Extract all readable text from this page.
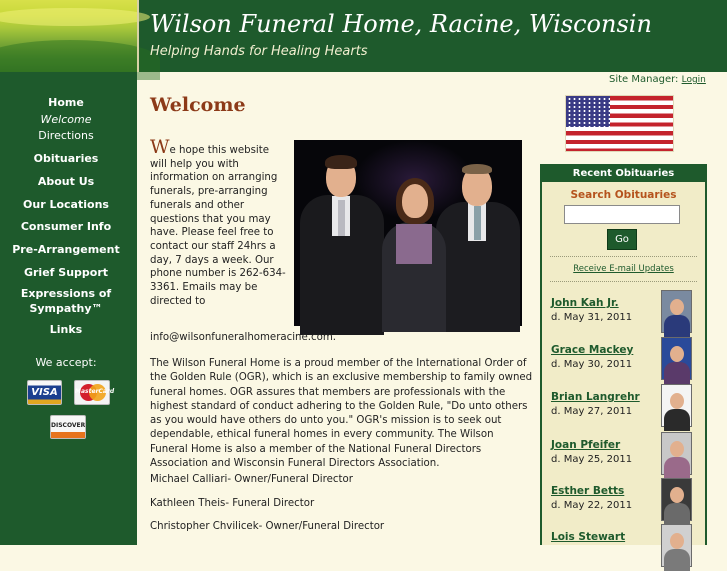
Wilson Funeral Home, Racine, Wisconsin
Helping Hands for Healing Hearts
Home
Welcome
Directions
Obituaries
About Us
Our Locations
Consumer Info
Pre-Arrangement
Grief Support
Expressions of
Sympathy™
Links
We accept:
VISA	MasterCard
DISCOVER
Site Manager: Login
Welcome
We hope this website will help you with information on arranging funerals, pre-arranging funerals and other questions that you may have. Please feel free to contact our staff 24hrs a day, 7 days a week. Our phone number is 262-634-3361. Emails may be directed to
info@wilsonfuneralhomeracine.com.
The Wilson Funeral Home is a proud member of the International Order of the Golden Rule (OGR), which is an exclusive membership to family owned funeral homes. OGR assures that members are professionals with the highest standard of conduct adhering to the Golden Rule, "Do unto others as you would have others do unto you." OGR's mission is to seek out dependable, ethical funeral homes in every community. The Wilson Funeral Home is also a member of the National Funeral Directors Association and Wisconsin Funeral Directors Association.
Michael Calliari- Owner/Funeral Director
Kathleen Theis- Funeral Director
Christopher Chvilicek- Owner/Funeral Director
Recent Obituaries
Search Obituaries
Go
Receive E-mail Updates
John Kah Jr.
d. May 31, 2011
Grace Mackey
d. May 30, 2011
Brian Langrehr
d. May 27, 2011
Joan Pfeifer
d. May 25, 2011
Esther Betts
d. May 22, 2011
Lois Stewart
